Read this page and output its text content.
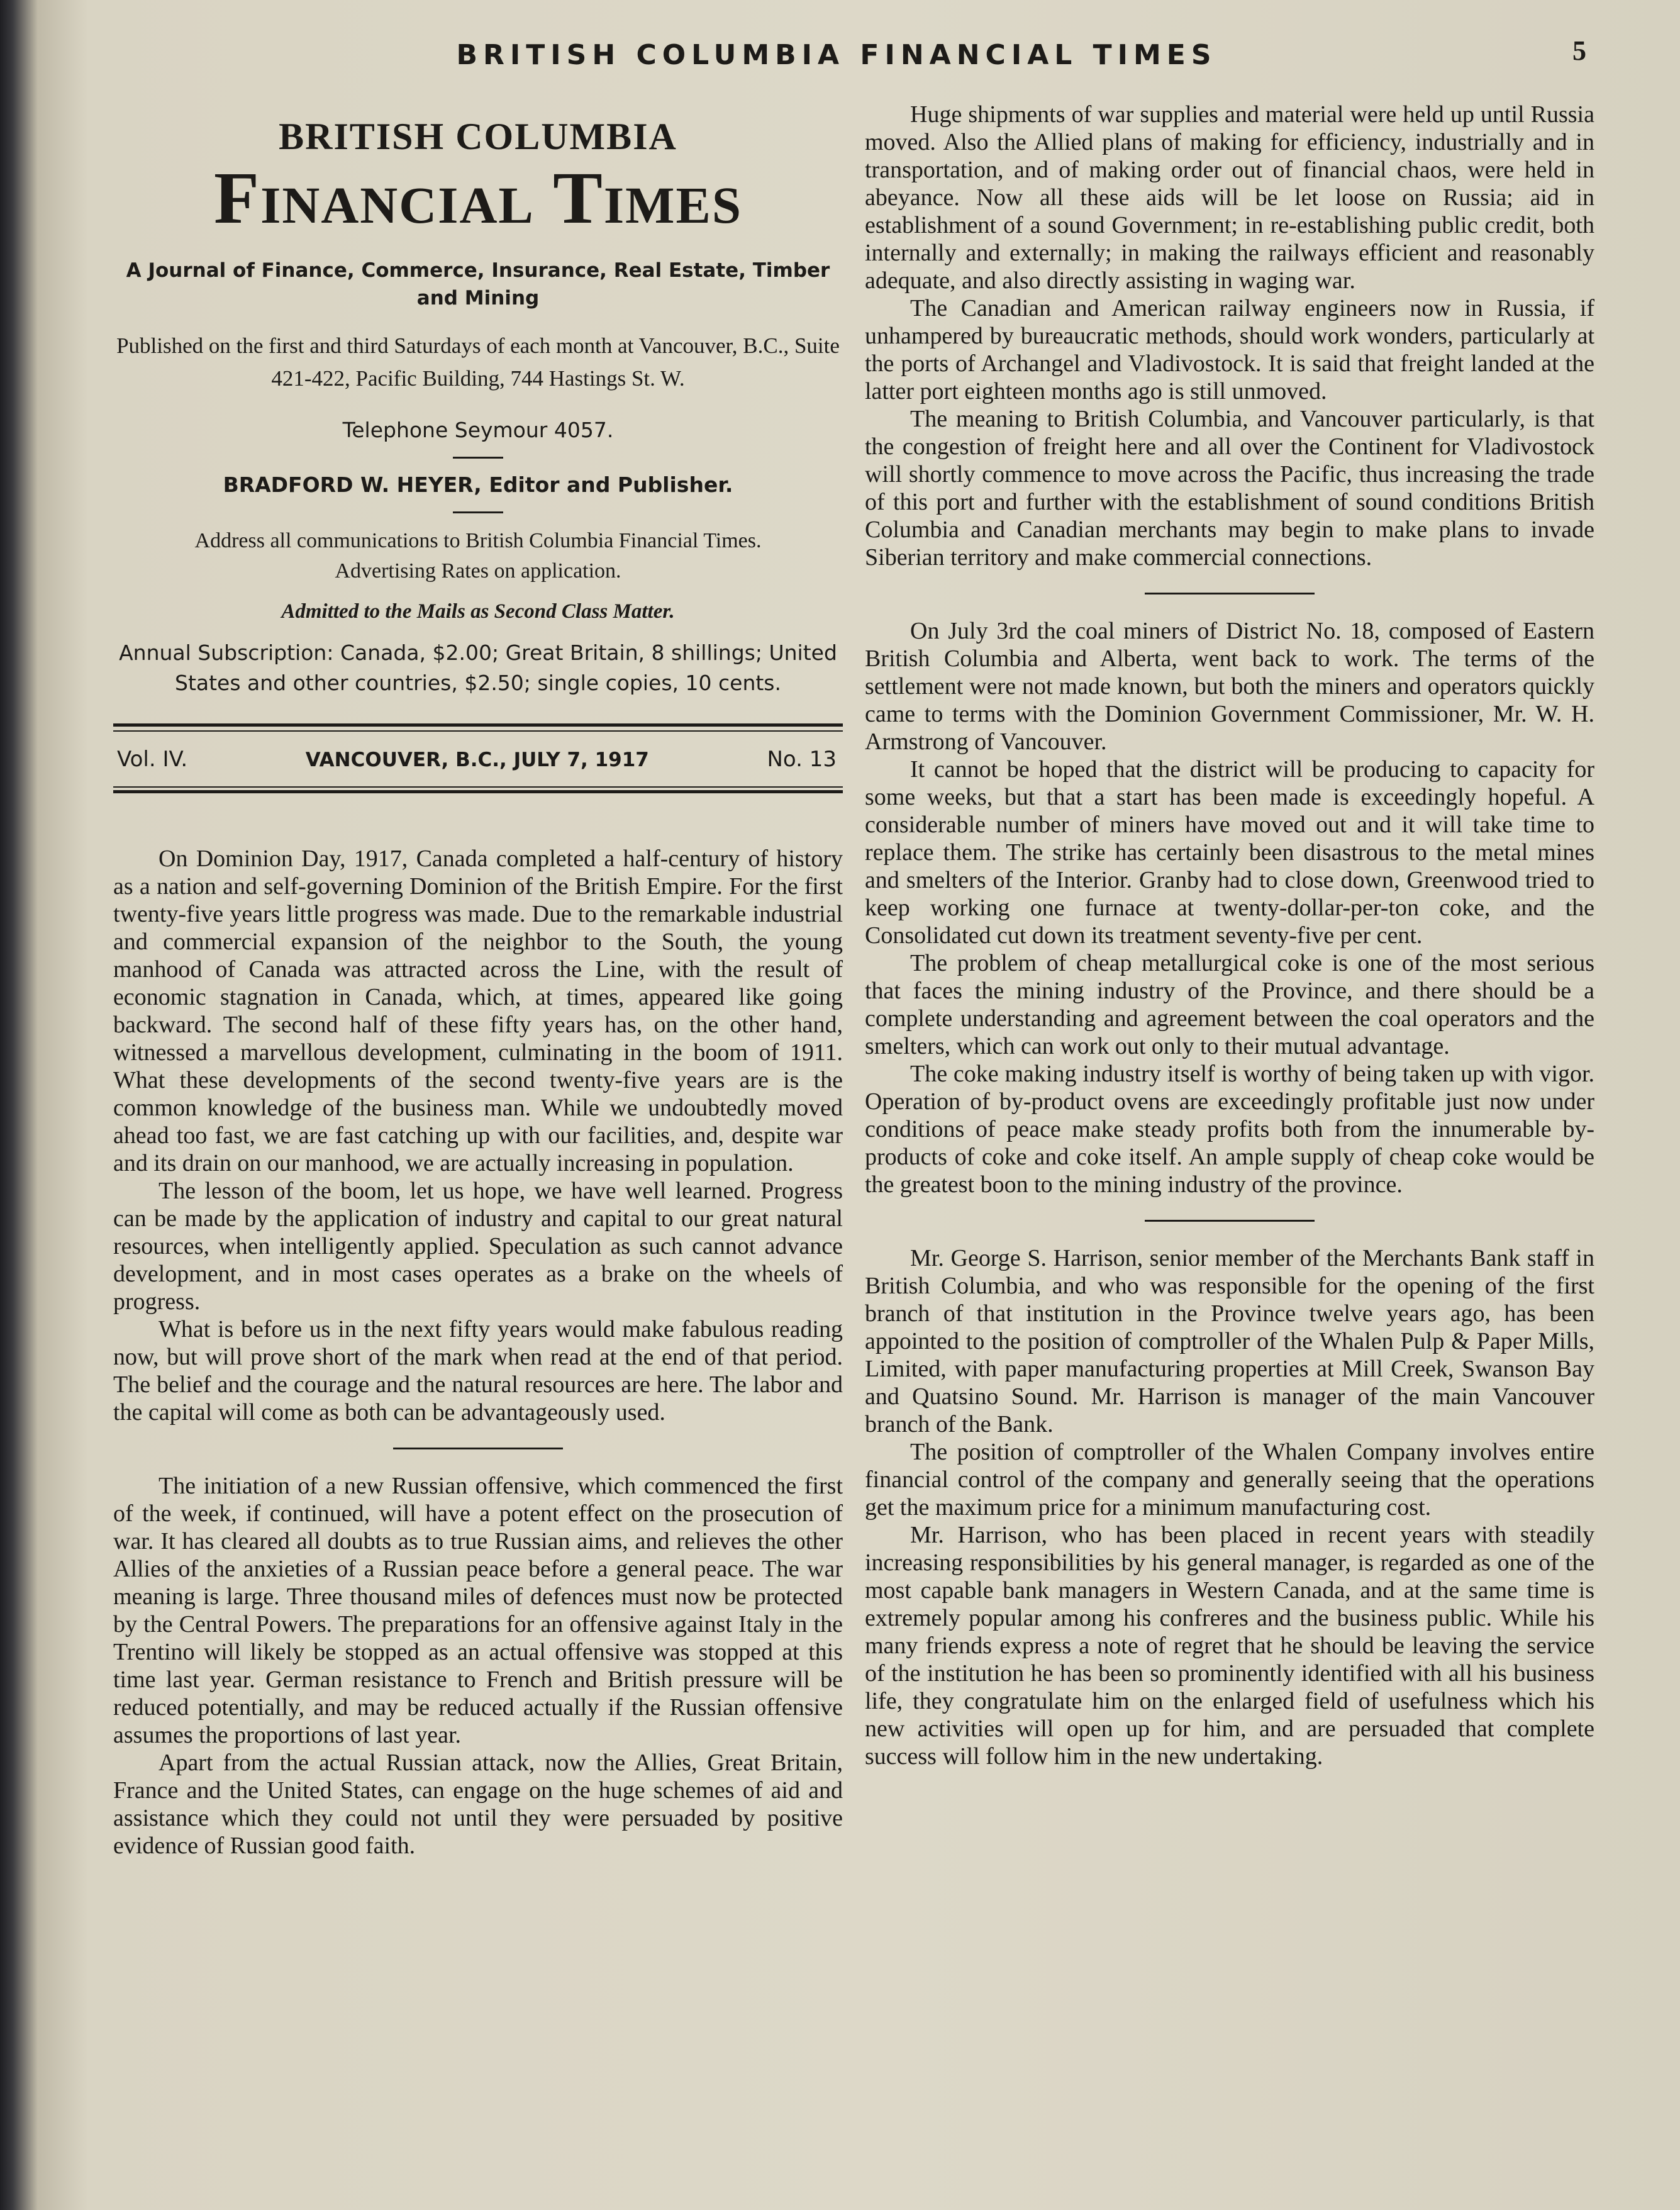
BRITISH COLUMBIA FINANCIAL TIMES	5
BRITISH COLUMBIA
Financial Times
A Journal of Finance, Commerce, Insurance, Real Estate, Timber and Mining
Published on the first and third Saturdays of each month at Vancouver, B.C., Suite 421-422, Pacific Building, 744 Hastings St. W.
Telephone Seymour 4057.
BRADFORD W. HEYER, Editor and Publisher.
Address all communications to British Columbia Financial Times.
Advertising Rates on application.
Admitted to the Mails as Second Class Matter.
Annual Subscription: Canada, $2.00; Great Britain, 8 shillings; United States and other countries, $2.50; single copies, 10 cents.
Vol. IV.	VANCOUVER, B.C., JULY 7, 1917	No. 13

On Dominion Day, 1917, Canada completed a half-century of history as a nation and self-governing Dominion of the British Empire. For the first twenty-five years little progress was made. Due to the remarkable industrial and commercial expansion of the neighbor to the South, the young manhood of Canada was attracted across the Line, with the result of economic stagnation in Canada, which, at times, appeared like going backward. The second half of these fifty years has, on the other hand, witnessed a marvellous development, culminating in the boom of 1911. What these developments of the second twenty-five years are is the common knowledge of the business man. While we undoubtedly moved ahead too fast, we are fast catching up with our facilities, and, despite war and its drain on our manhood, we are actually increasing in population.

The lesson of the boom, let us hope, we have well learned. Progress can be made by the application of industry and capital to our great natural resources, when intelligently applied. Speculation as such cannot advance development, and in most cases operates as a brake on the wheels of progress.

What is before us in the next fifty years would make fabulous reading now, but will prove short of the mark when read at the end of that period. The belief and the courage and the natural resources are here. The labor and the capital will come as both can be advantageously used.

The initiation of a new Russian offensive, which commenced the first of the week, if continued, will have a potent effect on the prosecution of war. It has cleared all doubts as to true Russian aims, and relieves the other Allies of the anxieties of a Russian peace before a general peace. The war meaning is large. Three thousand miles of defences must now be protected by the Central Powers. The preparations for an offensive against Italy in the Trentino will likely be stopped as an actual offensive was stopped at this time last year. German resistance to French and British pressure will be reduced potentially, and may be reduced actually if the Russian offensive assumes the proportions of last year.

Apart from the actual Russian attack, now the Allies, Great Britain, France and the United States, can engage on the huge schemes of aid and assistance which they could not until they were persuaded by positive evidence of Russian good faith.

Huge shipments of war supplies and material were held up until Russia moved. Also the Allied plans of making for efficiency, industrially and in transportation, and of making order out of financial chaos, were held in abeyance. Now all these aids will be let loose on Russia; aid in establishment of a sound Government; in re-establishing public credit, both internally and externally; in making the railways efficient and reasonably adequate, and also directly assisting in waging war.

The Canadian and American railway engineers now in Russia, if unhampered by bureaucratic methods, should work wonders, particularly at the ports of Archangel and Vladivostock. It is said that freight landed at the latter port eighteen months ago is still unmoved.

The meaning to British Columbia, and Vancouver particularly, is that the congestion of freight here and all over the Continent for Vladivostock will shortly commence to move across the Pacific, thus increasing the trade of this port and further with the establishment of sound conditions British Columbia and Canadian merchants may begin to make plans to invade Siberian territory and make commercial connections.

On July 3rd the coal miners of District No. 18, composed of Eastern British Columbia and Alberta, went back to work. The terms of the settlement were not made known, but both the miners and operators quickly came to terms with the Dominion Government Commissioner, Mr. W. H. Armstrong of Vancouver.

It cannot be hoped that the district will be producing to capacity for some weeks, but that a start has been made is exceedingly hopeful. A considerable number of miners have moved out and it will take time to replace them. The strike has certainly been disastrous to the metal mines and smelters of the Interior. Granby had to close down, Greenwood tried to keep working one furnace at twenty-dollar-per-ton coke, and the Consolidated cut down its treatment seventy-five per cent.

The problem of cheap metallurgical coke is one of the most serious that faces the mining industry of the Province, and there should be a complete understanding and agreement between the coal operators and the smelters, which can work out only to their mutual advantage.

The coke making industry itself is worthy of being taken up with vigor. Operation of by-product ovens are exceedingly profitable just now under conditions of peace make steady profits both from the innumerable by-products of coke and coke itself. An ample supply of cheap coke would be the greatest boon to the mining industry of the province.

Mr. George S. Harrison, senior member of the Merchants Bank staff in British Columbia, and who was responsible for the opening of the first branch of that institution in the Province twelve years ago, has been appointed to the position of comptroller of the Whalen Pulp & Paper Mills, Limited, with paper manufacturing properties at Mill Creek, Swanson Bay and Quatsino Sound. Mr. Harrison is manager of the main Vancouver branch of the Bank.

The position of comptroller of the Whalen Company involves entire financial control of the company and generally seeing that the operations get the maximum price for a minimum manufacturing cost.

Mr. Harrison, who has been placed in recent years with steadily increasing responsibilities by his general manager, is regarded as one of the most capable bank managers in Western Canada, and at the same time is extremely popular among his confreres and the business public. While his many friends express a note of regret that he should be leaving the service of the institution he has been so prominently identified with all his business life, they congratulate him on the enlarged field of usefulness which his new activities will open up for him, and are persuaded that complete success will follow him in the new undertaking.
